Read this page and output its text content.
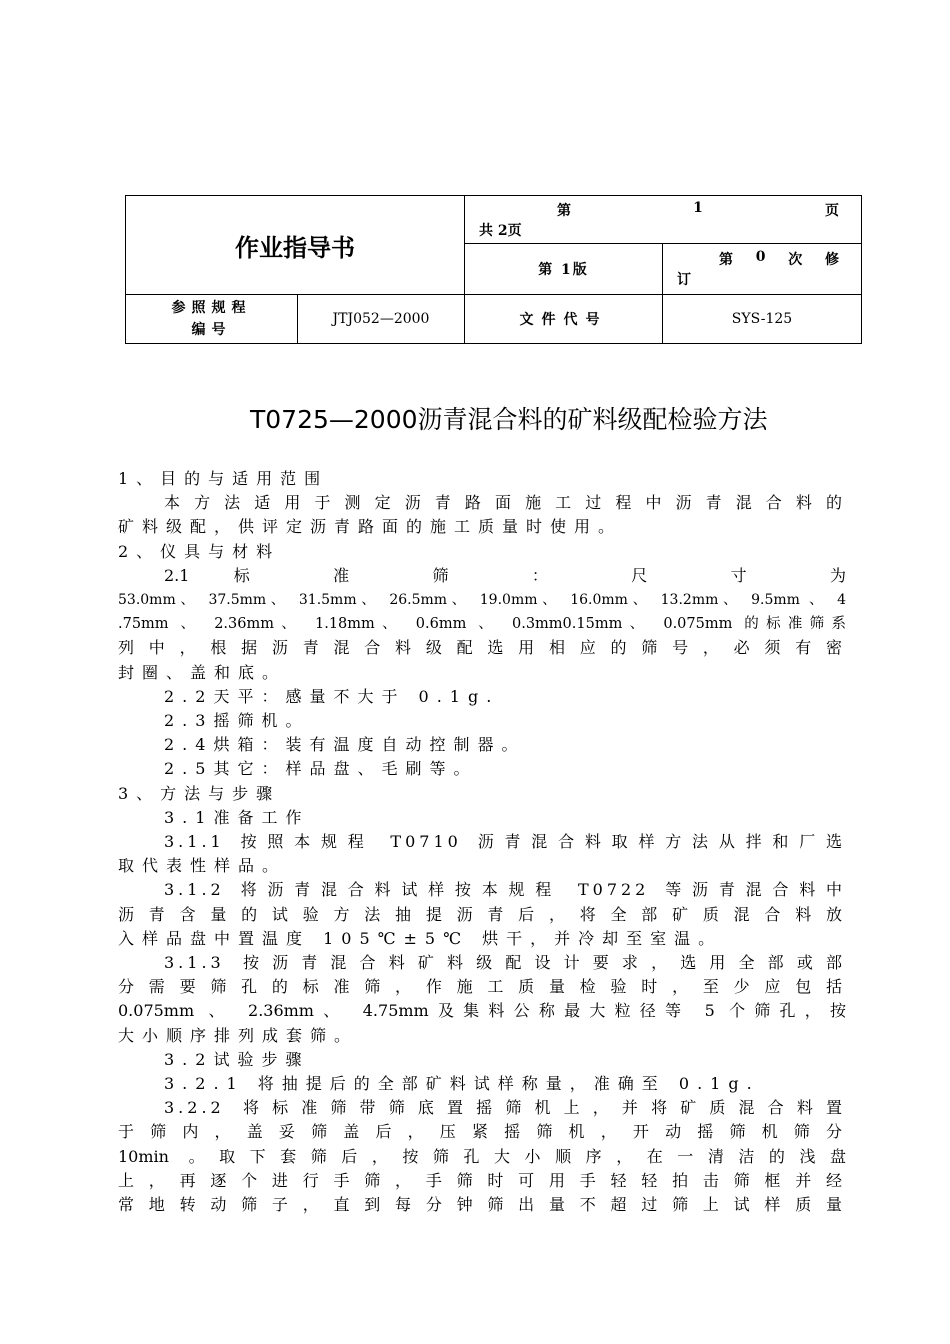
作业指导书		第 1 页
共 2页	

		第 1版	第 0 次 修
订

参照规程
编号	JTJ052—2000	文件代号	SYS-125
T0725—2000沥青混合料的矿料级配检验方法

1、目的与适用范围

本方法适用于测定沥青路面施工过程中沥青混合料的

矿料级配，供评定沥青路面的施工质量时使用。

2、仪具与材料

2.1	标	准	筛	：	尺	寸	为

53.0mm、 37.5mm、 31.5mm、 26.5mm、 19.0mm、 16.0mm、 13.2mm、 9.5mm 、 4

.75mm 、 2.36mm、 1.18mm、 0.6mm 、 0.3mm0.15mm、 0.075mm 的标准筛系

列中，根据沥青混合料级配选用相应的筛号，必须有密

封圈、盖和底。

2.2天平：感量不大于 0.1g.

2.3摇筛机。

2.4烘箱：装有温度自动控制器。

2.5其它：样品盘、毛刷等。

3、方法与步骤

3.1准备工作

3.1.1 按照本规程 T0710 沥青混合料取样方法从拌和厂选

取代表性样品。

3.1.2 将沥青混合料试样按本规程 T0722 等沥青混合料中

沥青含量的试验方法抽提沥青后，将全部矿质混合料放

入样品盘中置温度 105℃±5℃ 烘干，并冷却至室温。

3.1.3 按沥青混合料矿料级配设计要求，选用全部或部

分需要筛孔的标准筛，作施工质量检验时，至少应包括

0.075mm 、 2.36mm、 4.75mm及集料公称最大粒径等 5 个筛孔，按

大小顺序排列成套筛。

3.2试验步骤

3.2.1 将抽提后的全部矿料试样称量，准确至 0.1g.

3.2.2 将标准筛带筛底置摇筛机上，并将矿质混合料置

于筛内，盖妥筛盖后，压紧摇筛机，开动摇筛机筛分

10min 。取下套筛后，按筛孔大小顺序，在一清洁的浅盘

上，再逐个进行手筛，手筛时可用手轻轻拍击筛框并经

常地转动筛子，直到每分钟筛出量不超过筛上试样质量
